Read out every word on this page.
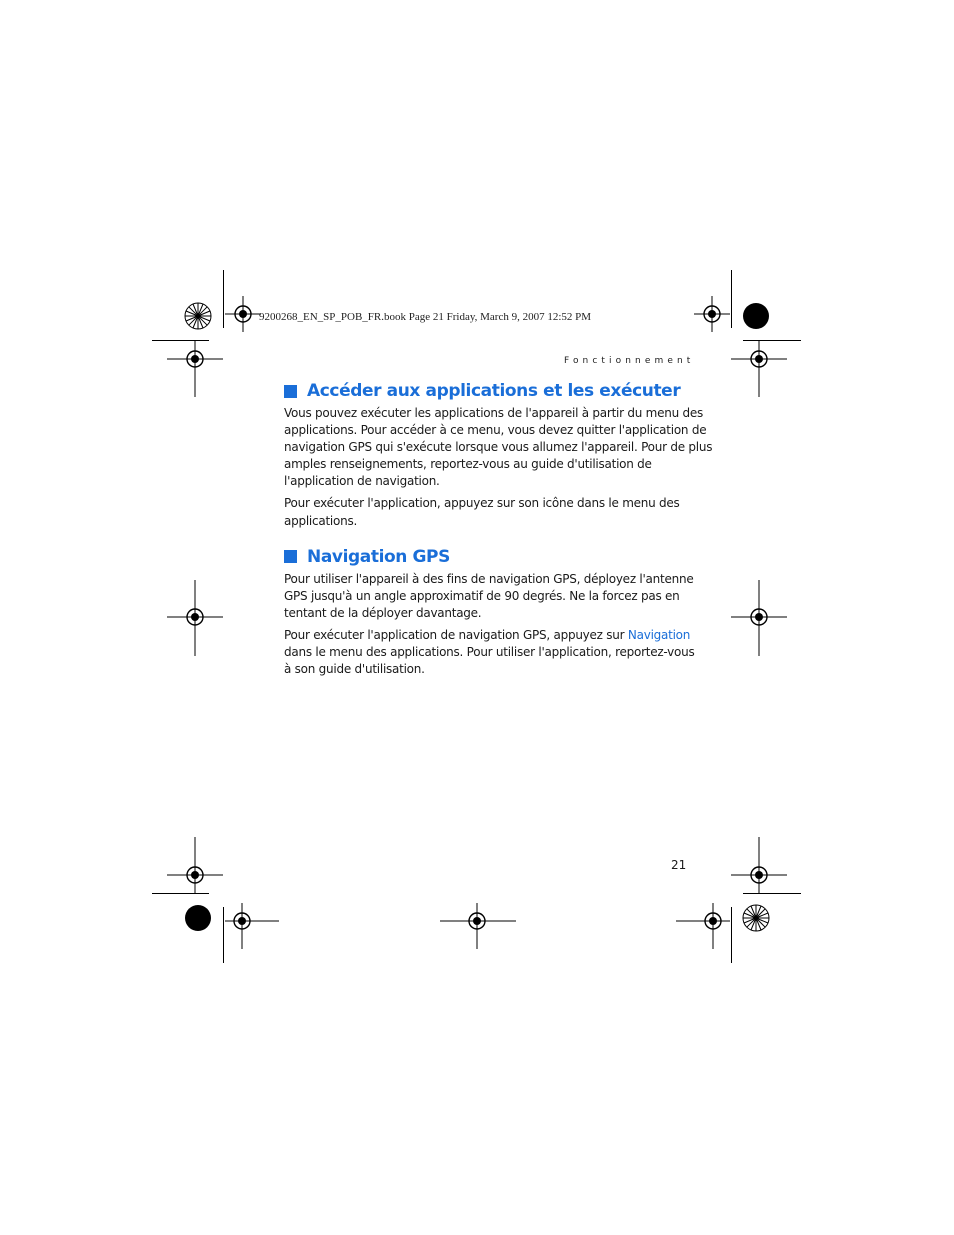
9200268_EN_SP_POB_FR.book Page 21 Friday, March 9, 2007 12:52 PM
Fonctionnement
Accéder aux applications et les exécuter

Vous pouvez exécuter les applications de l'appareil à partir du menu des
applications. Pour accéder à ce menu, vous devez quitter l'application de
navigation GPS qui s'exécute lorsque vous allumez l'appareil. Pour de plus
amples renseignements, reportez-vous au guide d'utilisation de
l'application de navigation.

Pour exécuter l'application, appuyez sur son icône dans le menu des
applications.

Navigation GPS

Pour utiliser l'appareil à des fins de navigation GPS, déployez l'antenne
GPS jusqu'à un angle approximatif de 90 degrés. Ne la forcez pas en
tentant de la déployer davantage.

Pour exécuter l'application de navigation GPS, appuyez sur Navigation
dans le menu des applications. Pour utiliser l'application, reportez-vous
à son guide d'utilisation.

21
